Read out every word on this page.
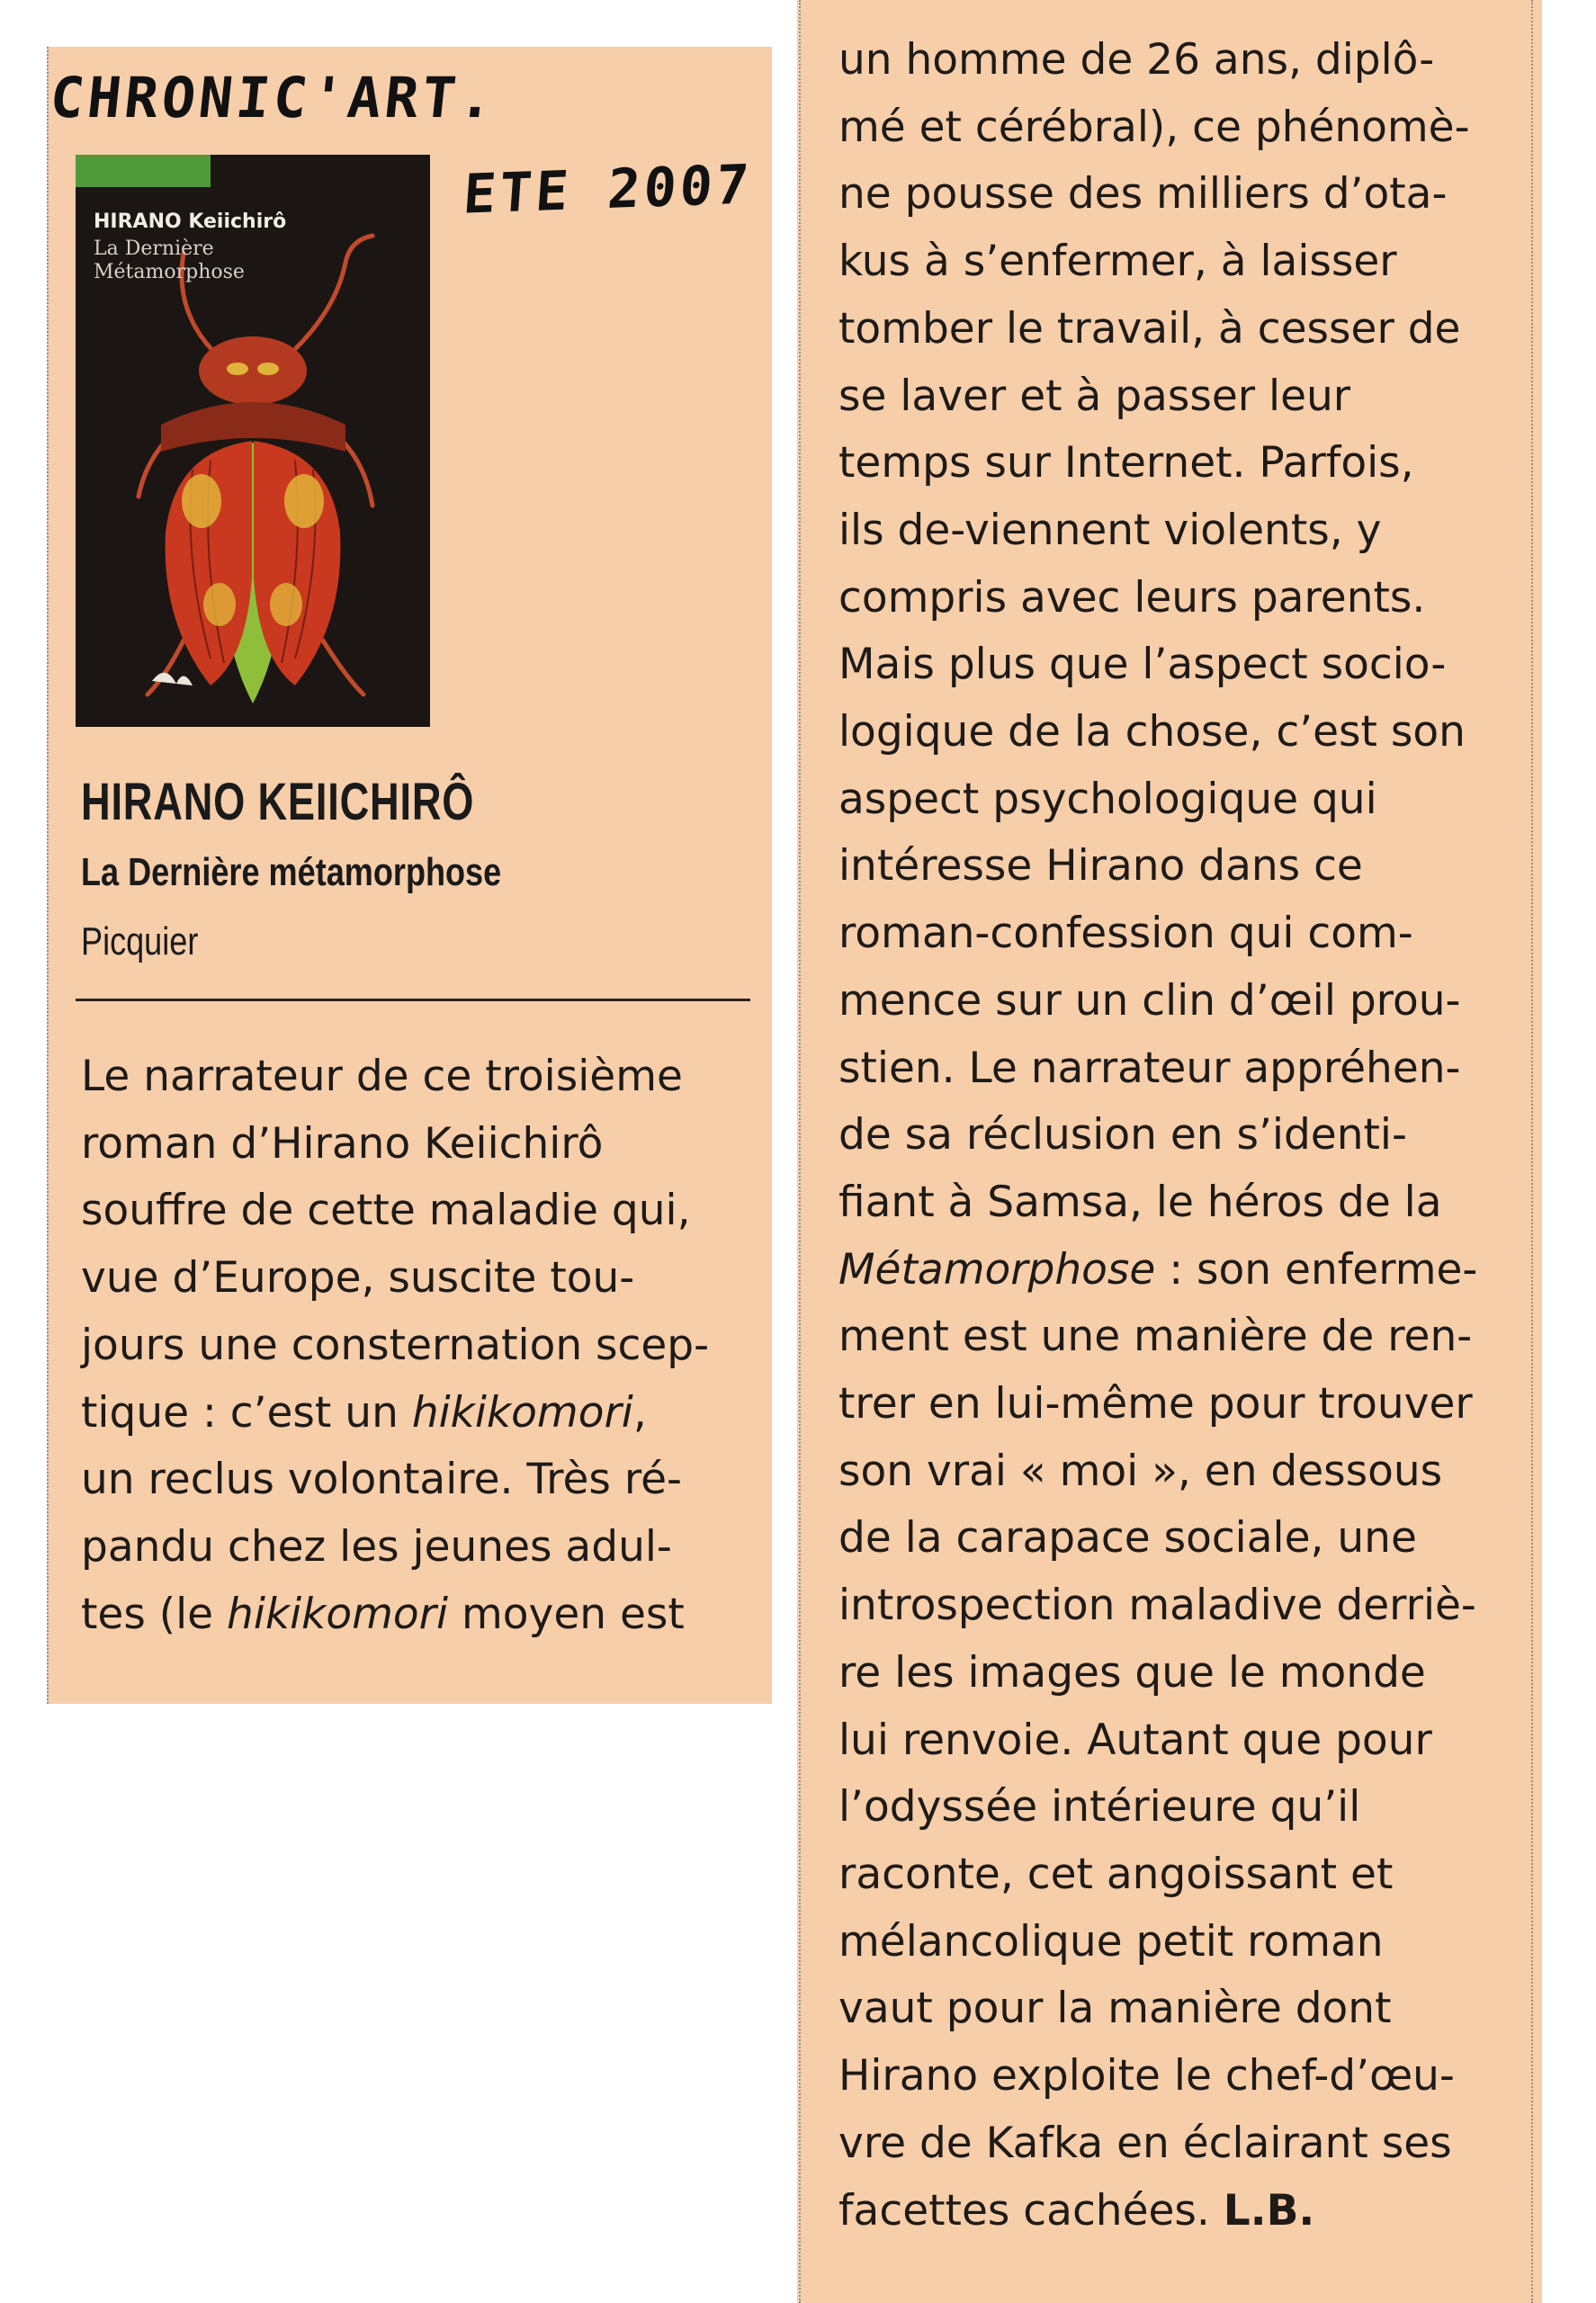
CHRONIC'ART.
ETE 2007
HIRANO Keiichirô
La Dernière
Métamorphose
HIRANO KEIICHIRÔ
La Dernière métamorphose
Picquier
Le narrateur de ce troisième
roman d’Hirano Keiichirô
souffre de cette maladie qui,
vue d’Europe, suscite tou-
jours une consternation scep-
tique : c’est un hikikomori,
un reclus volontaire. Très ré-
pandu chez les jeunes adul-
tes (le hikikomori moyen est
un homme de 26 ans, diplô-
mé et cérébral), ce phénomè-
ne pousse des milliers d’ota-
kus à s’enfermer, à laisser
tomber le travail, à cesser de
se laver et à passer leur
temps sur Internet. Parfois,
ils de-viennent violents, y
compris avec leurs parents.
Mais plus que l’aspect socio-
logique de la chose, c’est son
aspect psychologique qui
intéresse Hirano dans ce
roman-confession qui com-
mence sur un clin d’œil prou-
stien. Le narrateur appréhen-
de sa réclusion en s’identi-
fiant à Samsa, le héros de la
Métamorphose : son enferme-
ment est une manière de ren-
trer en lui-même pour trouver
son vrai « moi », en dessous
de la carapace sociale, une
introspection maladive derriè-
re les images que le monde
lui renvoie. Autant que pour
l’odyssée intérieure qu’il
raconte, cet angoissant et
mélancolique petit roman
vaut pour la manière dont
Hirano exploite le chef-d’œu-
vre de Kafka en éclairant ses
facettes cachées. L.B.
